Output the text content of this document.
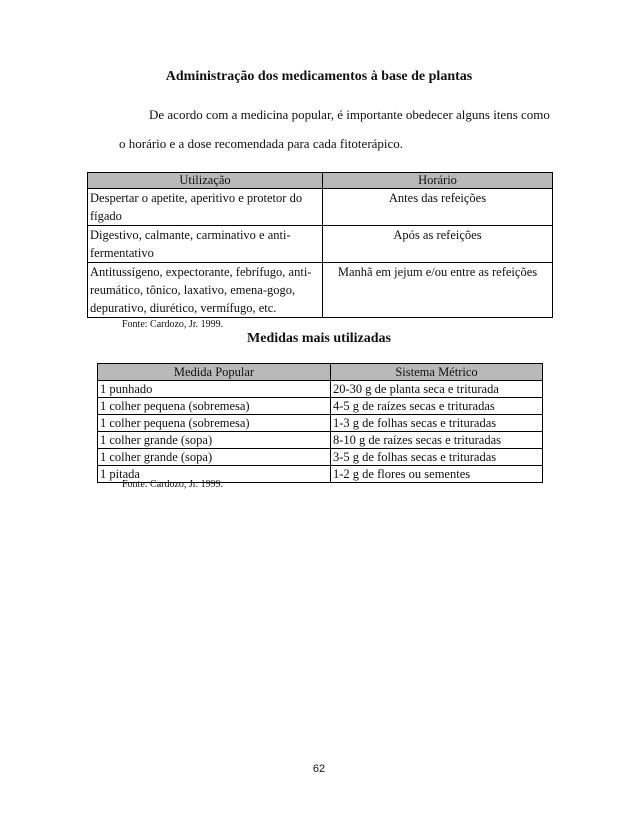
Administração dos medicamentos à base de plantas
De acordo com a medicina popular, é importante obedecer alguns itens como
o horário e a dose recomendada para cada fitoterápico.
Utilização	Horário
Despertar o apetite, aperitivo e protetor do fígado	Antes das refeições
Digestivo, calmante, carminativo e anti-fermentativo	Após as refeições
Antitussígeno, expectorante, febrífugo, anti-reumático, tônico, laxativo, emena-gogo, depurativo, diurético, vermífugo, etc.	Manhã em jejum e/ou entre as refeições
Fonte: Cardozo, Jr. 1999.
Medidas mais utilizadas
Medida Popular	Sistema Métrico
1 punhado	20-30 g de planta seca e triturada
1 colher pequena (sobremesa)	4-5 g de raízes secas e trituradas
1 colher pequena (sobremesa)	1-3 g de folhas secas e trituradas
1 colher grande (sopa)	8-10 g de raízes secas e trituradas
1 colher grande (sopa)	3-5 g de folhas secas e trituradas
1 pitada	1-2 g de flores ou sementes
Fonte: Cardozo, Jr. 1999.
62
